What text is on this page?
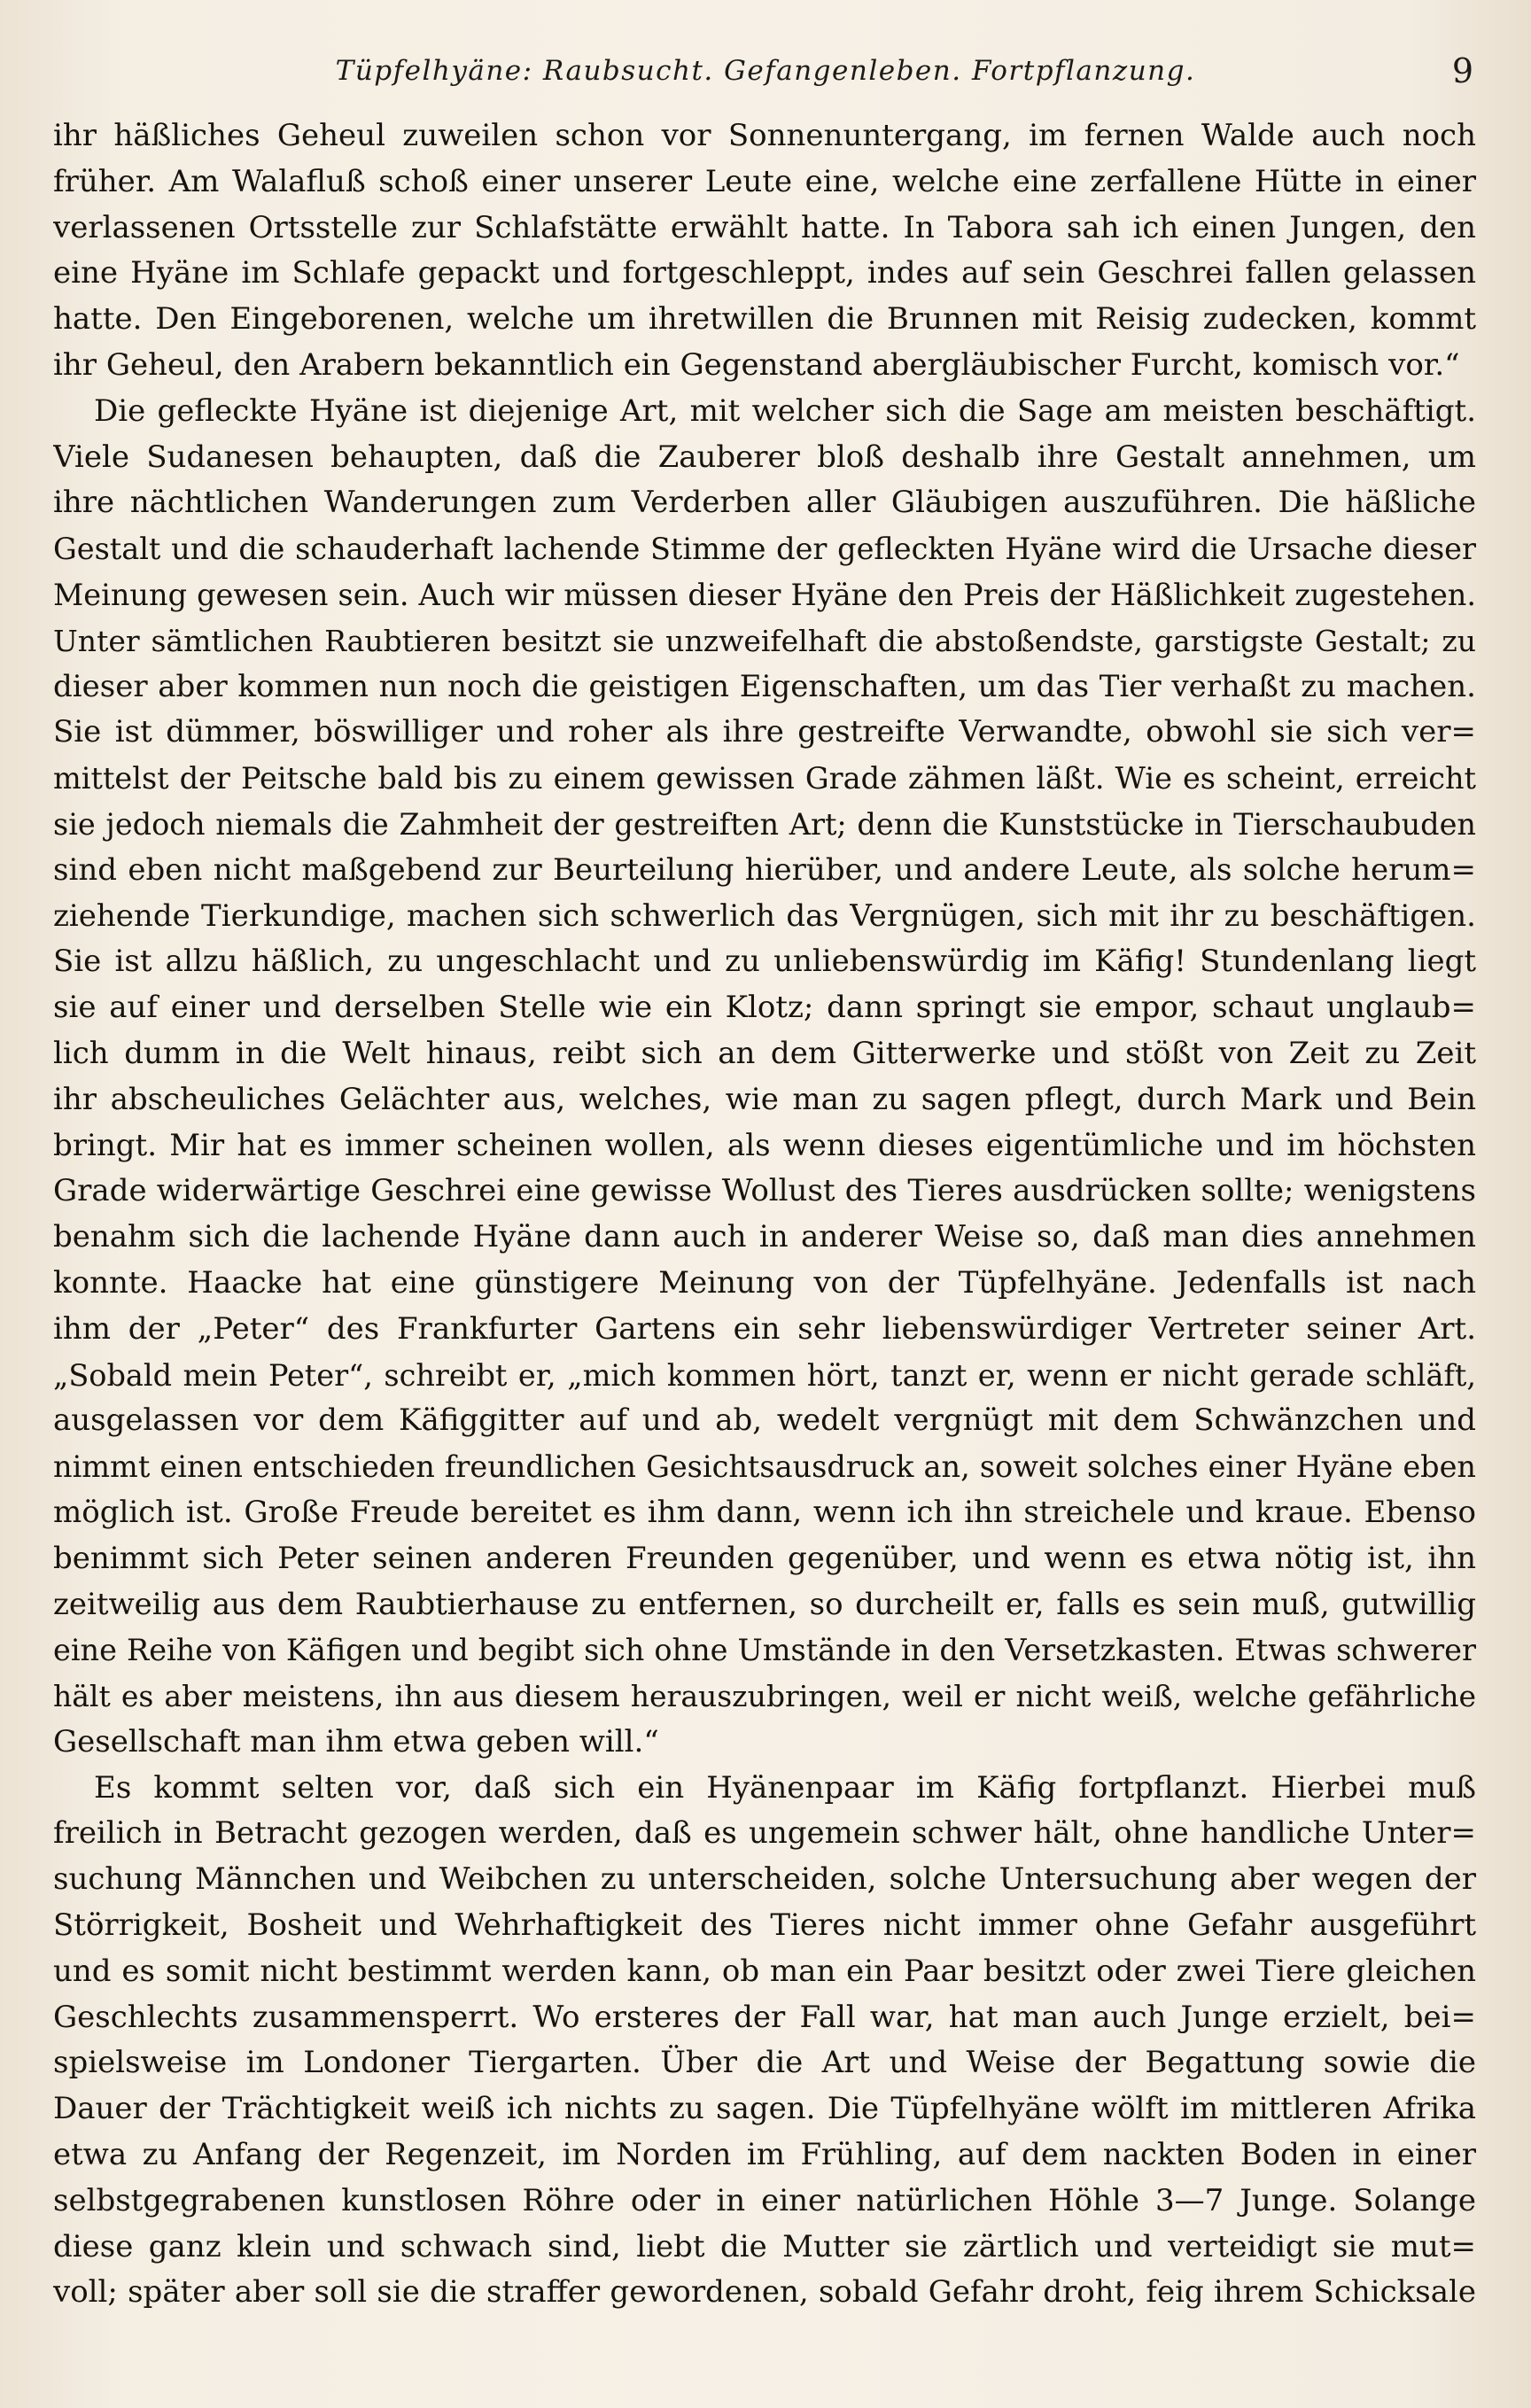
Tüpfelhyäne: Raubsucht. Gefangenleben. Fortpflanzung.	9
ihr häßliches Geheul zuweilen schon vor Sonnenuntergang, im fernen Walde auch noch
früher. Am Walafluß schoß einer unserer Leute eine, welche eine zerfallene Hütte in einer
verlassenen Ortsstelle zur Schlafstätte erwählt hatte. In Tabora sah ich einen Jungen, den
eine Hyäne im Schlafe gepackt und fortgeschleppt, indes auf sein Geschrei fallen gelassen
hatte. Den Eingeborenen, welche um ihretwillen die Brunnen mit Reisig zudecken, kommt
ihr Geheul, den Arabern bekanntlich ein Gegenstand abergläubischer Furcht, komisch vor.“
Die gefleckte Hyäne ist diejenige Art, mit welcher sich die Sage am meisten beschäftigt.
Viele Sudanesen behaupten, daß die Zauberer bloß deshalb ihre Gestalt annehmen, um
ihre nächtlichen Wanderungen zum Verderben aller Gläubigen auszuführen. Die häßliche
Gestalt und die schauderhaft lachende Stimme der gefleckten Hyäne wird die Ursache dieser
Meinung gewesen sein. Auch wir müssen dieser Hyäne den Preis der Häßlichkeit zugestehen.
Unter sämtlichen Raubtieren besitzt sie unzweifelhaft die abstoßendste, garstigste Gestalt; zu
dieser aber kommen nun noch die geistigen Eigenschaften, um das Tier verhaßt zu machen.
Sie ist dümmer, böswilliger und roher als ihre gestreifte Verwandte, obwohl sie sich ver=
mittelst der Peitsche bald bis zu einem gewissen Grade zähmen läßt. Wie es scheint, erreicht
sie jedoch niemals die Zahmheit der gestreiften Art; denn die Kunststücke in Tierschaubuden
sind eben nicht maßgebend zur Beurteilung hierüber, und andere Leute, als solche herum=
ziehende Tierkundige, machen sich schwerlich das Vergnügen, sich mit ihr zu beschäftigen.
Sie ist allzu häßlich, zu ungeschlacht und zu unliebenswürdig im Käfig! Stundenlang liegt
sie auf einer und derselben Stelle wie ein Klotz; dann springt sie empor, schaut unglaub=
lich dumm in die Welt hinaus, reibt sich an dem Gitterwerke und stößt von Zeit zu Zeit
ihr abscheuliches Gelächter aus, welches, wie man zu sagen pflegt, durch Mark und Bein
bringt. Mir hat es immer scheinen wollen, als wenn dieses eigentümliche und im höchsten
Grade widerwärtige Geschrei eine gewisse Wollust des Tieres ausdrücken sollte; wenigstens
benahm sich die lachende Hyäne dann auch in anderer Weise so, daß man dies annehmen
konnte. Haacke hat eine günstigere Meinung von der Tüpfelhyäne. Jedenfalls ist nach
ihm der „Peter“ des Frankfurter Gartens ein sehr liebenswürdiger Vertreter seiner Art.
„Sobald mein Peter“, schreibt er, „mich kommen hört, tanzt er, wenn er nicht gerade schläft,
ausgelassen vor dem Käfiggitter auf und ab, wedelt vergnügt mit dem Schwänzchen und
nimmt einen entschieden freundlichen Gesichtsausdruck an, soweit solches einer Hyäne eben
möglich ist. Große Freude bereitet es ihm dann, wenn ich ihn streichele und kraue. Ebenso
benimmt sich Peter seinen anderen Freunden gegenüber, und wenn es etwa nötig ist, ihn
zeitweilig aus dem Raubtierhause zu entfernen, so durcheilt er, falls es sein muß, gutwillig
eine Reihe von Käfigen und begibt sich ohne Umstände in den Versetzkasten. Etwas schwerer
hält es aber meistens, ihn aus diesem herauszubringen, weil er nicht weiß, welche gefährliche
Gesellschaft man ihm etwa geben will.“
Es kommt selten vor, daß sich ein Hyänenpaar im Käfig fortpflanzt. Hierbei muß
freilich in Betracht gezogen werden, daß es ungemein schwer hält, ohne handliche Unter=
suchung Männchen und Weibchen zu unterscheiden, solche Untersuchung aber wegen der
Störrigkeit, Bosheit und Wehrhaftigkeit des Tieres nicht immer ohne Gefahr ausgeführt
und es somit nicht bestimmt werden kann, ob man ein Paar besitzt oder zwei Tiere gleichen
Geschlechts zusammensperrt. Wo ersteres der Fall war, hat man auch Junge erzielt, bei=
spielsweise im Londoner Tiergarten. Über die Art und Weise der Begattung sowie die
Dauer der Trächtigkeit weiß ich nichts zu sagen. Die Tüpfelhyäne wölft im mittleren Afrika
etwa zu Anfang der Regenzeit, im Norden im Frühling, auf dem nackten Boden in einer
selbstgegrabenen kunstlosen Röhre oder in einer natürlichen Höhle 3—7 Junge. Solange
diese ganz klein und schwach sind, liebt die Mutter sie zärtlich und verteidigt sie mut=
voll; später aber soll sie die straffer gewordenen, sobald Gefahr droht, feig ihrem Schicksale
